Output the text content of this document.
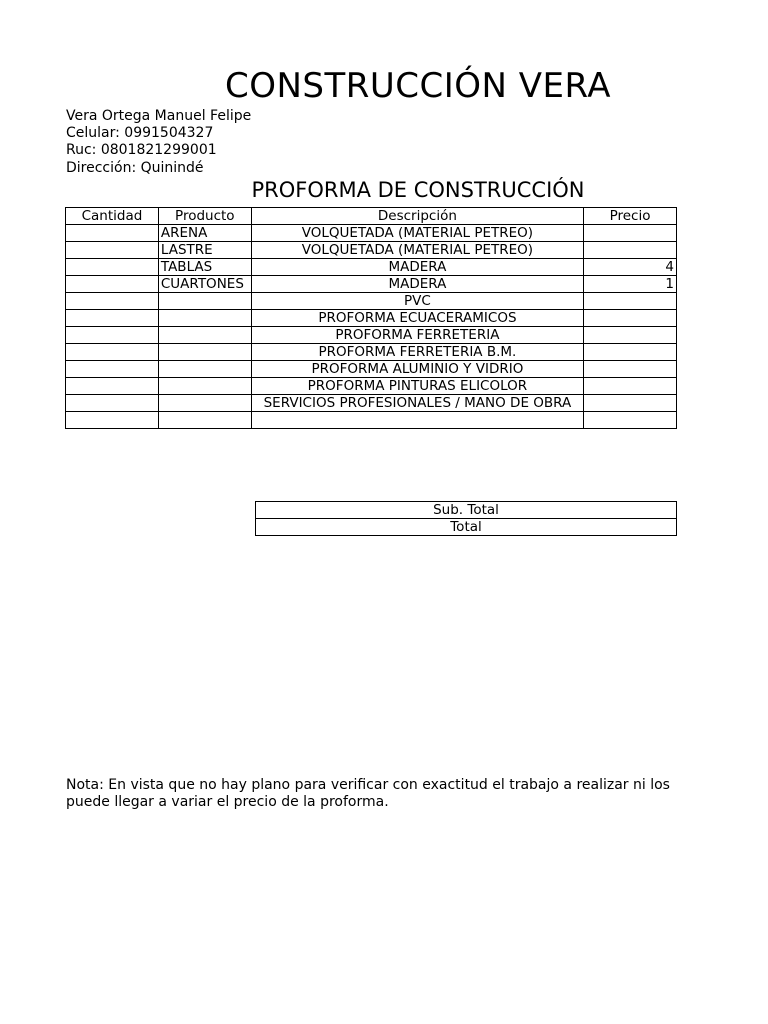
CONSTRUCCIÓN VERA
Vera Ortega Manuel Felipe
Celular: 0991504327
Ruc: 0801821299001
Dirección: Quinindé
PROFORMA DE CONSTRUCCIÓN
Cantidad	Producto	Descripción	Precio
	ARENA	VOLQUETADA (MATERIAL PETREO)	
	LASTRE	VOLQUETADA (MATERIAL PETREO)	
	TABLAS	MADERA	4
	CUARTONES	MADERA	1
		PVC	
		PROFORMA ECUACERAMICOS	
		PROFORMA FERRETERIA	
		PROFORMA FERRETERIA B.M.	
		PROFORMA ALUMINIO Y VIDRIO	
		PROFORMA PINTURAS ELICOLOR	
		SERVICIOS PROFESIONALES / MANO DE OBRA	

Sub. Total
Total
Nota: En vista que no hay plano para verificar con exactitud el trabajo a realizar ni los puede llegar a variar el precio de la proforma.
